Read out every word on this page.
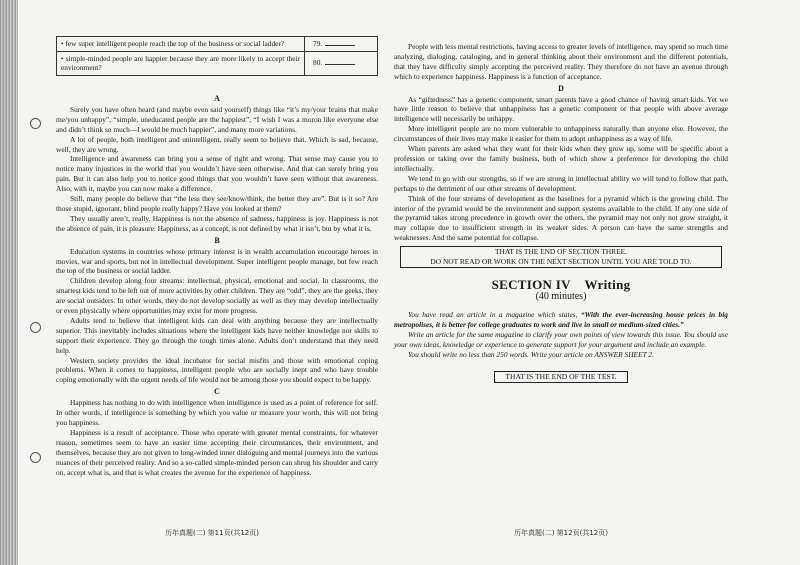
• few super intelligent people reach the top of the business or social ladder?	79.
• simple-minded people are happier because they are more likely to accept their environment?	80.
A

Surely you have often heard (and maybe even said yourself) things like “it’s my/your brains that make me/you unhappy”, “simple, uneducated people are the happiest”, “I wish I was a moron like everyone else and didn’t think so much—I would be much happier”, and many more variations.

A lot of people, both intelligent and unintelligent, really seem to believe that. Which is sad, because, well, they are wrong.

Intelligence and awareness can bring you a sense of right and wrong. That sense may cause you to notice many injustices in the world that you wouldn’t have seen otherwise. And that can surely bring you pain. But it can also help you to notice good things that you wouldn’t have seen without that awareness. Also, with it, maybe you can now make a difference.

Still, many people do believe that “the less they see/know/think, the better they are”. But is it so? Are those stupid, ignorant, blind people really happy? Have you looked at them?

They usually aren’t, really. Happiness is not the absence of sadness, happiness is joy. Happiness is not the absence of pain, it is pleasure. Happiness, as a concept, is not defined by what it isn’t, but by what it is.

B

Education systems in countries whose primary interest is in wealth accumulation encourage heroes in movies, war and sports, but not in intellectual development. Super intelligent people manage, but few reach the top of the business or social ladder.

Children develop along four streams: intellectual, physical, emotional and social. In classrooms, the smartest kids tend to be left out of more activities by other children. They are “odd”, they are the geeks, they are social outsiders. In other words, they do not develop socially as well as they may develop intellectually or even physically where opportunities may exist for more progress.

Adults tend to believe that intelligent kids can deal with anything because they are intellectually superior. This inevitably includes situations where the intelligent kids have neither knowledge nor skills to support their experience. They go through the tough times alone. Adults don’t understand that they need help.

Western society provides the ideal incubator for social misfits and those with emotional coping problems. When it comes to happiness, intelligent people who are socially inept and who have trouble coping emotionally with the urgent needs of life would not be among those you should expect to be happy.

C

Happiness has nothing to do with intelligence when intelligence is used as a point of reference for self. In other words, if intelligence is something by which you value or measure your worth, this will not bring you happiness.

Happiness is a result of acceptance. Those who operate with greater mental constraints, for whatever reason, sometimes seem to have an easier time accepting their circumstances, their environment, and themselves, because they are not given to long-winded inner dialoguing and mental journeys into the various nuances of their perceived reality. And so a so-called simple-minded person can shrug his shoulder and carry on, accept what is, and that is what creates the avenue for the experience of happiness.

People with less mental restrictions, having access to greater levels of intelligence, may spend so much time analyzing, dialoging, cataloging, and in general thinking about their environment and the different potentials, that they have difficulty simply accepting the perceived reality. They therefore do not have an avenue through which to experience happiness. Happiness is a function of acceptance.

D

As “giftedness” has a genetic component, smart parents have a good chance of having smart kids. Yet we have little reason to believe that unhappiness has a genetic component or that people with above average intelligence will necessarily be unhappy.

More intelligent people are no more vulnerable to unhappiness naturally than anyone else. However, the circumstances of their lives may make it easier for them to adopt unhappiness as a way of life.

When parents are asked what they want for their kids when they grow up, some will be specific about a profession or taking over the family business, both of which show a preference for developing the child intellectually.

We tend to go with our strengths, so if we are strong in intellectual ability we will tend to follow that path, perhaps to the detriment of our other streams of development.

Think of the four streams of development as the baselines for a pyramid which is the growing child. The interior of the pyramid would be the environment and support systems available to the child. If any one side of the pyramid takes strong precedence in growth over the others, the pyramid may not only not grow straight, it may collapse due to insufficient strength in its weaker sides. A person can have the same strengths and weaknesses. And the same potential for collapse.

THAT IS THE END OF SECTION THREE.
DO NOT READ OR WORK ON THE NEXT SECTION UNTIL YOU ARE TOLD TO.
SECTION IV    Writing
(40 minutes)

You have read an article in a magazine which states, “With the ever-increasing house prices in big metropolises, it is better for college graduates to work and live in small or medium-sized cities.”

Write an article for the same magazine to clarify your own points of view towards this issue. You should use your own ideas, knowledge or experience to generate support for your argument and include an example.

You should write no less than 250 words. Write your article on ANSWER SHEET 2.

THAT IS THE END OF THE TEST.
历年真题(二) 第11页(共12页)	历年真题(二) 第12页(共12页)
